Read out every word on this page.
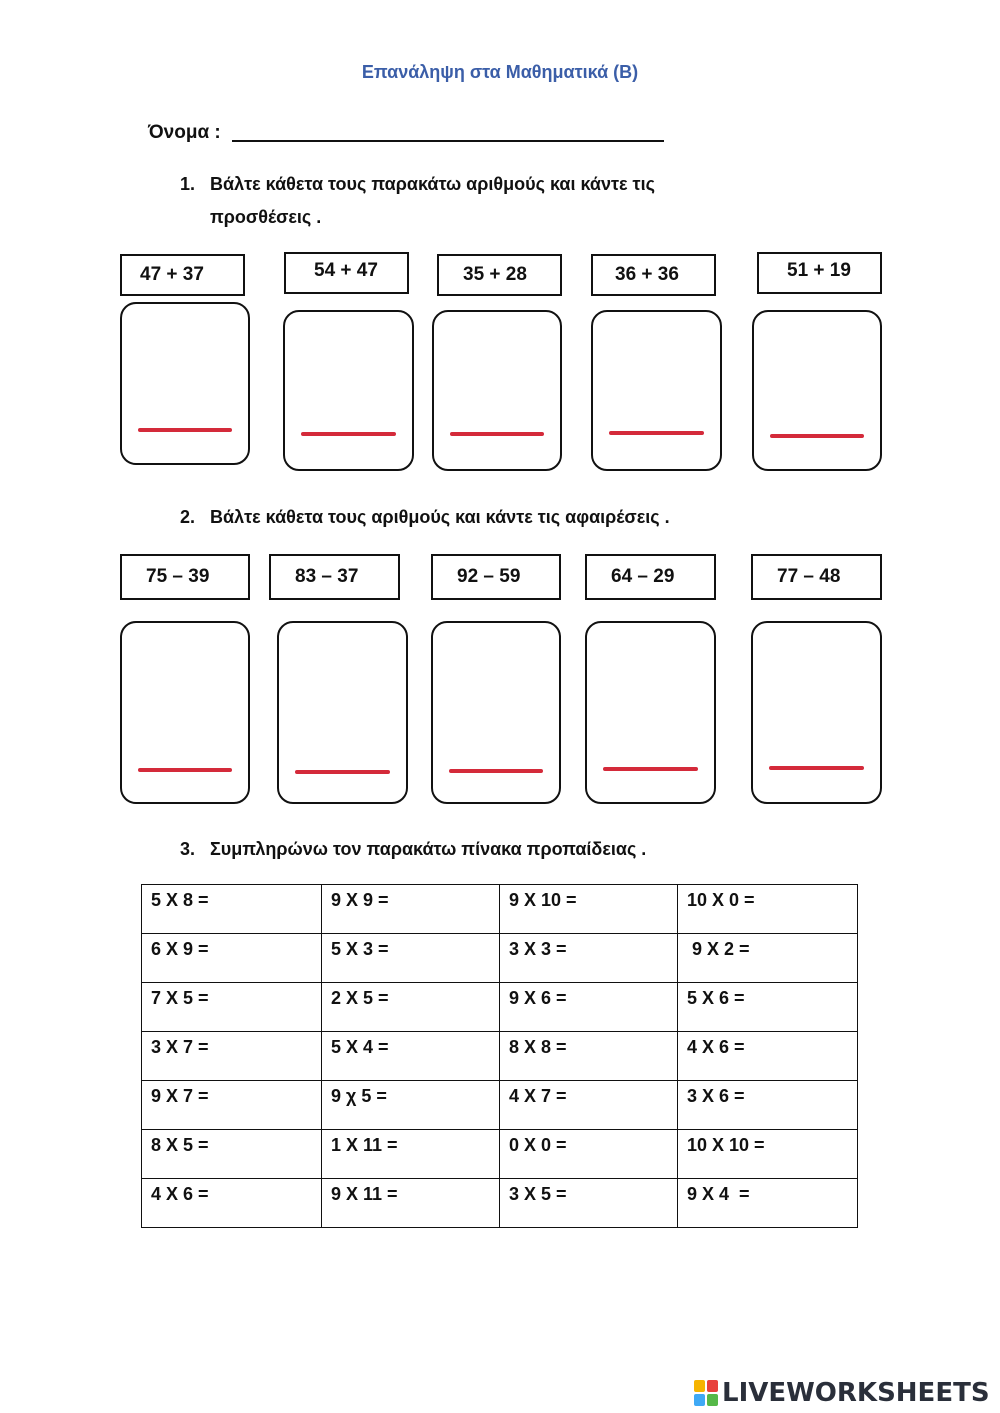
Επανάληψη στα Μαθηματικά (Β)
Όνομα :
1. Βάλτε κάθετα τους παρακάτω αριθμούς και κάντε τις
προσθέσεις .
47 + 37	54 + 47	35 + 28	36 + 36	51 + 19
2. Βάλτε κάθετα τους αριθμούς και κάντε τις αφαιρέσεις .
75 – 39	83 – 37	92 – 59	64 – 29	77 – 48
3. Συμπληρώνω τον παρακάτω πίνακα προπαίδειας .
5 X 8 =	9 X 9 =	9 X 10 =	10 X 0 =
6 X 9 =	5 X 3 =	3 X 3 =	9 X 2 =
7 X 5 =	2 X 5 =	9 X 6 =	5 X 6 =
3 X 7 =	5 X 4 =	8 X 8 =	4 X 6 =
9 X 7 =	9 χ 5 =	4 X 7 =	3 X 6 =
8 X 5 =	1 X 11 =	0 X 0 =	10 X 10 =
4 X 6 =	9 X 11 =	3 X 5 =	9 X 4  =
LIVEWORKSHEETS
